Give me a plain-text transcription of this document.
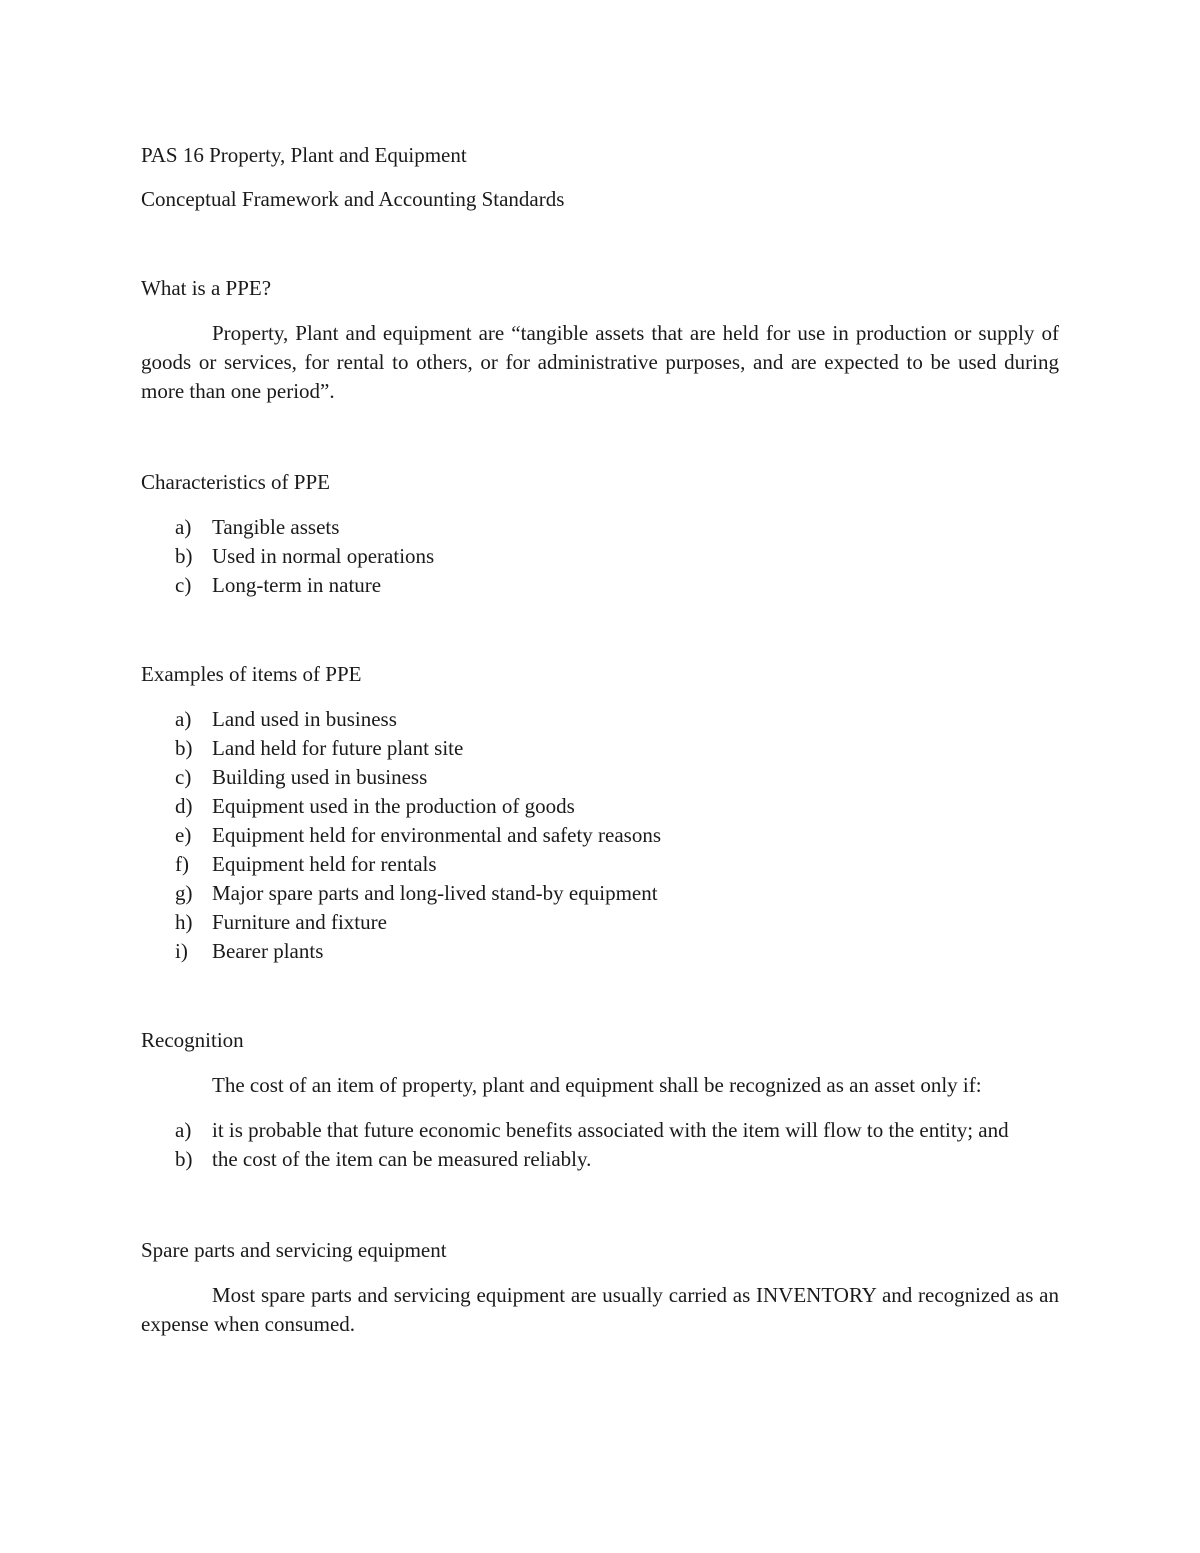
PAS 16 Property, Plant and Equipment

Conceptual Framework and Accounting Standards

What is a PPE?

Property, Plant and equipment are “tangible assets that are held for use in production or supply of goods or services, for rental to others, or for administrative purposes, and are expected to be used during more than one period”.

Characteristics of PPE

a) Tangible assets
b) Used in normal operations
c) Long-term in nature

Examples of items of PPE

a) Land used in business
b) Land held for future plant site
c) Building used in business
d) Equipment used in the production of goods
e) Equipment held for environmental and safety reasons
f) Equipment held for rentals
g) Major spare parts and long-lived stand-by equipment
h) Furniture and fixture
i) Bearer plants

Recognition

The cost of an item of property, plant and equipment shall be recognized as an asset only if:

a) it is probable that future economic benefits associated with the item will flow to the entity; and
b) the cost of the item can be measured reliably.

Spare parts and servicing equipment

Most spare parts and servicing equipment are usually carried as INVENTORY and recognized as an expense when consumed.
